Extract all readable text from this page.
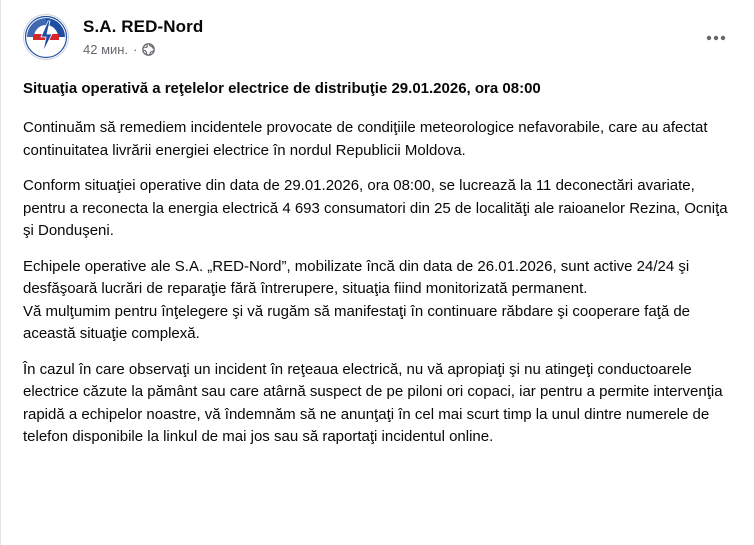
S.A. RED-Nord
42 мин. ·
Situaţia operativă a reţelelor electrice de distribuţie 29.01.2026, ora 08:00

Continuăm să remediem incidentele provocate de condiţiile meteorologice nefavorabile, care au afectat continuitatea livrării energiei electrice în nordul Republicii Moldova.

Conform situaţiei operative din data de 29.01.2026, ora 08:00, se lucrează la 11 deconectări avariate, pentru a reconecta la energia electrică 4 693 consumatori din 25 de localităţi ale raioanelor Rezina, Ocniţa şi Donduşeni.

Echipele operative ale S.A. „RED-Nord”, mobilizate încă din data de 26.01.2026, sunt active 24/24 şi desfăşoară lucrări de reparaţie fără întrerupere, situaţia fiind monitorizată permanent.

Vă mulţumim pentru înţelegere şi vă rugăm să manifestaţi în continuare răbdare şi cooperare faţă de această situaţie complexă.

În cazul în care observaţi un incident în reţeaua electrică, nu vă apropiaţi şi nu atingeţi conductoarele electrice căzute la pământ sau care atârnă suspect de pe piloni ori copaci, iar pentru a permite intervenţia rapidă a echipelor noastre, vă îndemnăm să ne anunţaţi în cel mai scurt timp la unul dintre numerele de telefon disponibile la linkul de mai jos sau să raportaţi incidentul online.
